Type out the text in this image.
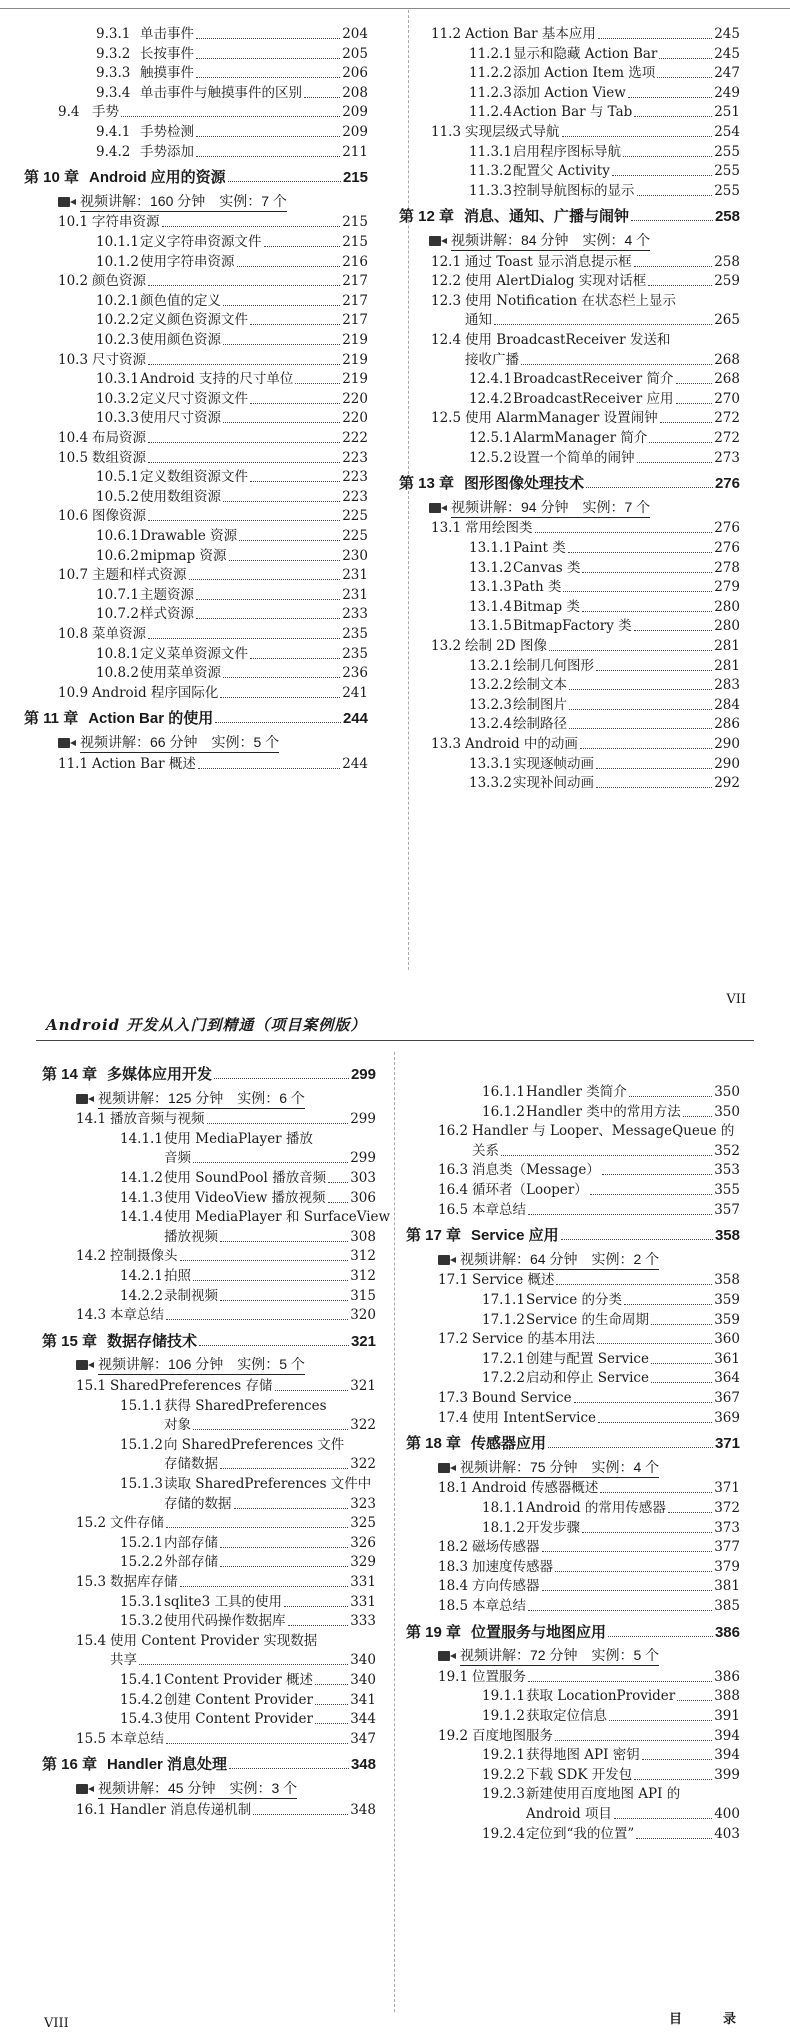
9.3.1 单击事件	204
9.3.2 长按事件	205
9.3.3 触摸事件	206
9.3.4 单击事件与触摸事件的区别	208
9.4 手势	209
9.4.1 手势检测	209
9.4.2 手势添加	211
第 10 章 Android 应用的资源	215
视频讲解：160 分钟　实例：7 个
10.1 字符串资源	215
10.1.1 定义字符串资源文件	215
10.1.2 使用字符串资源	216
10.2 颜色资源	217
10.2.1 颜色值的定义	217
10.2.2 定义颜色资源文件	217
10.2.3 使用颜色资源	219
10.3 尺寸资源	219
10.3.1 Android 支持的尺寸单位	219
10.3.2 定义尺寸资源文件	220
10.3.3 使用尺寸资源	220
10.4 布局资源	222
10.5 数组资源	223
10.5.1 定义数组资源文件	223
10.5.2 使用数组资源	223
10.6 图像资源	225
10.6.1 Drawable 资源	225
10.6.2 mipmap 资源	230
10.7 主题和样式资源	231
10.7.1 主题资源	231
10.7.2 样式资源	233
10.8 菜单资源	235
10.8.1 定义菜单资源文件	235
10.8.2 使用菜单资源	236
10.9 Android 程序国际化	241
第 11 章 Action Bar 的使用	244
视频讲解：66 分钟　实例：5 个
11.1 Action Bar 概述	244
11.2 Action Bar 基本应用	245
11.2.1 显示和隐藏 Action Bar	245
11.2.2 添加 Action Item 选项	247
11.2.3 添加 Action View	249
11.2.4 Action Bar 与 Tab	251
11.3 实现层级式导航	254
11.3.1 启用程序图标导航	255
11.3.2 配置父 Activity	255
11.3.3 控制导航图标的显示	255
第 12 章 消息、通知、广播与闹钟	258
视频讲解：84 分钟　实例：4 个
12.1 通过 Toast 显示消息提示框	258
12.2 使用 AlertDialog 实现对话框	259
12.3 使用 Notification 在状态栏上显示
通知	265
12.4 使用 BroadcastReceiver 发送和
接收广播	268
12.4.1 BroadcastReceiver 简介	268
12.4.2 BroadcastReceiver 应用	270
12.5 使用 AlarmManager 设置闹钟	272
12.5.1 AlarmManager 简介	272
12.5.2 设置一个简单的闹钟	273
第 13 章 图形图像处理技术	276
视频讲解：94 分钟　实例：7 个
13.1 常用绘图类	276
13.1.1 Paint 类	276
13.1.2 Canvas 类	278
13.1.3 Path 类	279
13.1.4 Bitmap 类	280
13.1.5 BitmapFactory 类	280
13.2 绘制 2D 图像	281
13.2.1 绘制几何图形	281
13.2.2 绘制文本	283
13.2.3 绘制图片	284
13.2.4 绘制路径	286
13.3 Android 中的动画	290
13.3.1 实现逐帧动画	290
13.3.2 实现补间动画	292
VII
Android 开发从入门到精通（项目案例版）
第 14 章 多媒体应用开发	299
视频讲解：125 分钟　实例：6 个
14.1 播放音频与视频	299
14.1.1使用 MediaPlayer 播放
音频	299
14.1.2 使用 SoundPool 播放音频 303
14.1.3 使用 VideoView 播放视频 306
14.1.4使用 MediaPlayer 和 SurfaceView
播放视频	308
14.2 控制摄像头	312
14.2.1 拍照	312
14.2.2 录制视频	315
14.3 本章总结	320
第 15 章 数据存储技术	321
视频讲解：106 分钟　实例：5 个
15.1 SharedPreferences 存储	321
15.1.1获得 SharedPreferences
对象	322
15.1.2向 SharedPreferences 文件
存储数据	322
15.1.3读取 SharedPreferences 文件中
存储的数据	323
15.2 文件存储	325
15.2.1 内部存储	326
15.2.2 外部存储	329
15.3 数据库存储	331
15.3.1 sqlite3 工具的使用	331
15.3.2 使用代码操作数据库	333
15.4 使用 Content Provider 实现数据
共享	340
15.4.1 Content Provider 概述	340
15.4.2 创建 Content Provider	341
15.4.3 使用 Content Provider	344
15.5 本章总结	347
第 16 章 Handler 消息处理	348
视频讲解：45 分钟　实例：3 个
16.1 Handler 消息传递机制	348
16.1.1 Handler 类简介	350
16.1.2 Handler 类中的常用方法 350
16.2 Handler 与 Looper、MessageQueue 的
关系	352
16.3 消息类（Message）	353
16.4 循环者（Looper）	355
16.5 本章总结	357
第 17 章 Service 应用	358
视频讲解：64 分钟　实例：2 个
17.1 Service 概述	358
17.1.1 Service 的分类	359
17.1.2 Service 的生命周期	359
17.2 Service 的基本用法	360
17.2.1 创建与配置 Service	361
17.2.2 启动和停止 Service	364
17.3 Bound Service	367
17.4 使用 IntentService	369
第 18 章 传感器应用	371
视频讲解：75 分钟　实例：4 个
18.1 Android 传感器概述	371
18.1.1 Android 的常用传感器	372
18.1.2 开发步骤	373
18.2 磁场传感器	377
18.3 加速度传感器	379
18.4 方向传感器	381
18.5 本章总结	385
第 19 章 位置服务与地图应用	386
视频讲解：72 分钟　实例：5 个
19.1 位置服务	386
19.1.1 获取 LocationProvider	388
19.1.2 获取定位信息	391
19.2 百度地图服务	394
19.2.1 获得地图 API 密钥	394
19.2.2 下载 SDK 开发包	399
19.2.3新建使用百度地图 API 的
Android 项目	400
19.2.4 定位到“我的位置”	403
VIII	目　录
